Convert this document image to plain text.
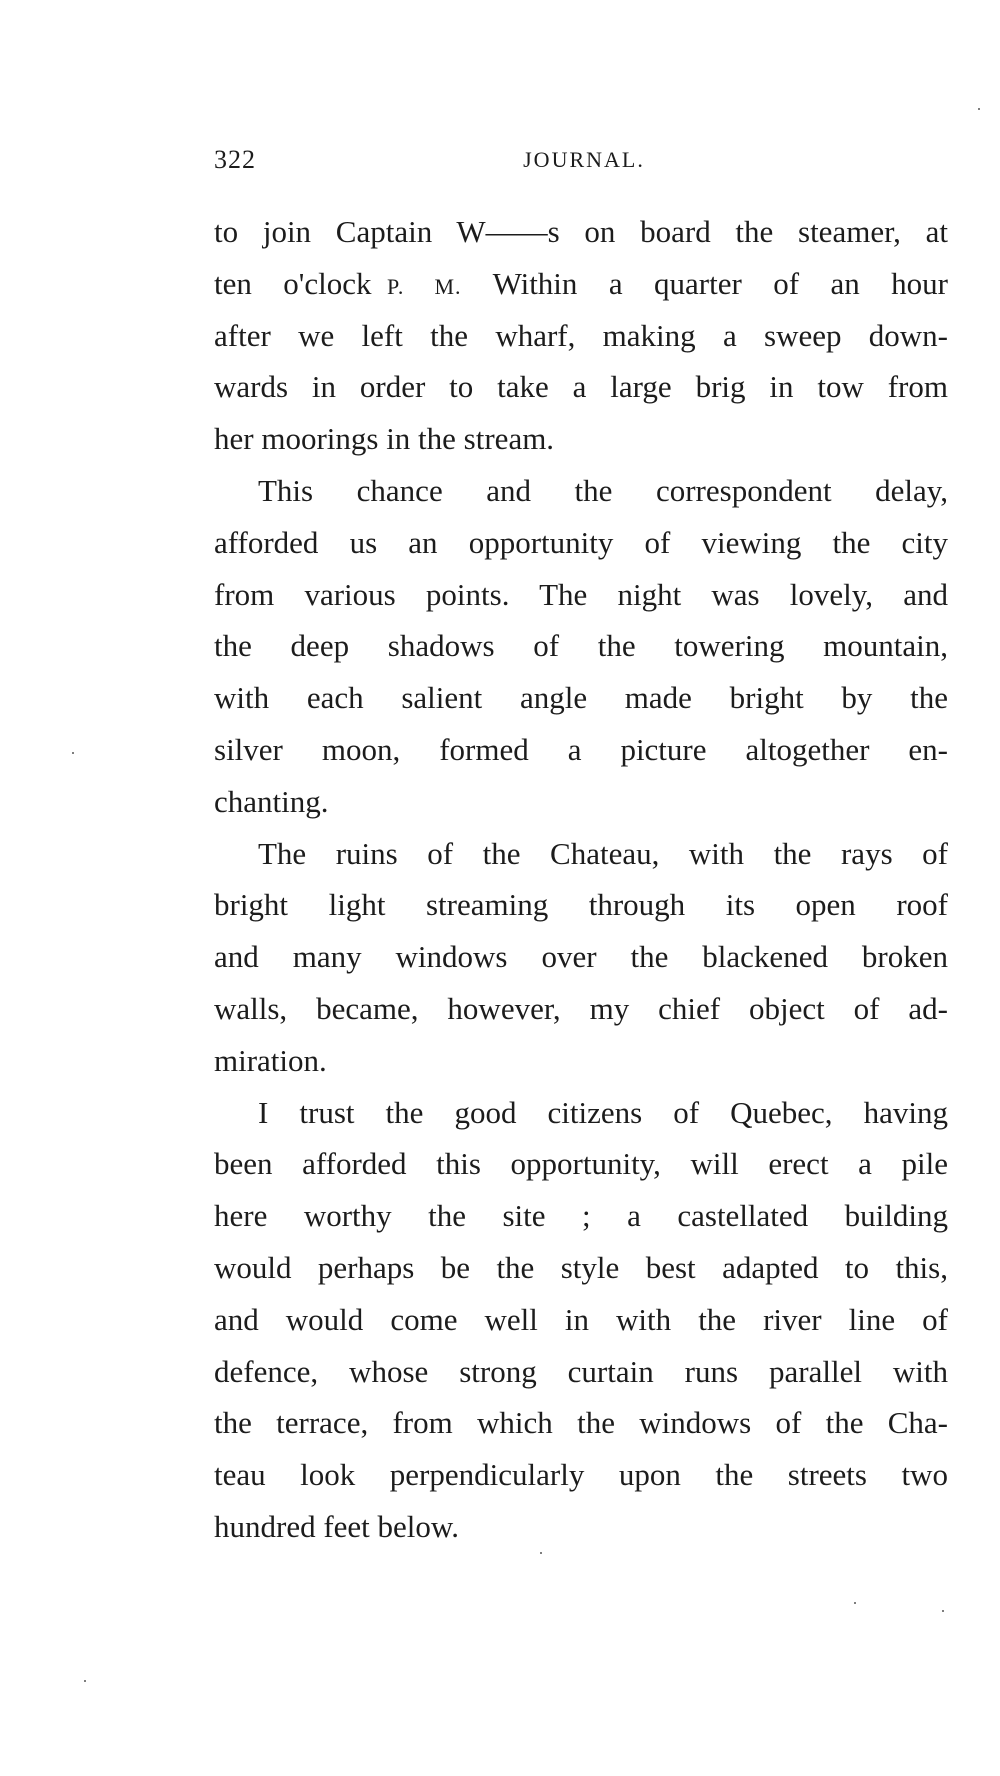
322	JOURNAL.
to join Captain W——s on board the steamer, at
ten o'clock  P. M.  Within a quarter of an hour
after we left the wharf, making a sweep down-
wards in order to take a large brig in tow from
her moorings in the stream.
This chance and the correspondent delay,
afforded us an opportunity of viewing the city
from various points. The night was lovely, and
the deep shadows of the towering mountain,
with each salient angle made bright by the
silver moon, formed a picture altogether en-
chanting.
The ruins of the Chateau, with the rays of
bright light streaming through its open roof
and many windows over the blackened broken
walls, became, however, my chief object of ad-
miration.
I trust the good citizens of Quebec, having
been afforded this opportunity, will erect a pile
here worthy the site ; a castellated building
would perhaps be the style best adapted to this,
and would come well in with the river line of
defence, whose strong curtain runs parallel with
the terrace, from which the windows of the Cha-
teau look perpendicularly upon the streets two
hundred feet below.
